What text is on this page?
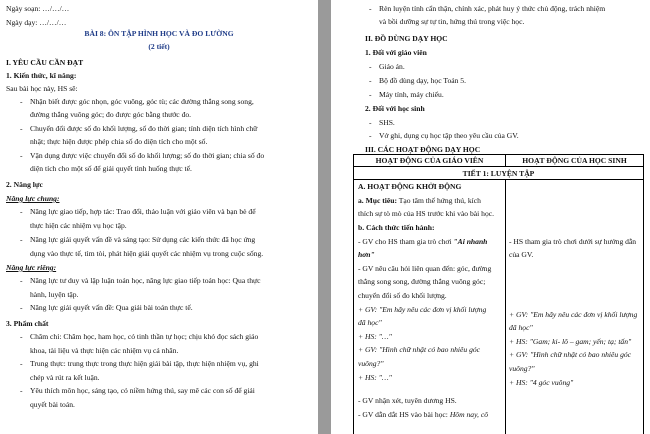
Ngày soạn: …/…/…
Ngày dạy: …/…/…
BÀI 8: ÔN TẬP HÌNH HỌC VÀ ĐO LƯỜNG
(2 tiết)
I. YÊU CẦU CẦN ĐẠT
1. Kiến thức, kĩ năng:
Sau bài học này, HS sẽ:
- Nhận biết được góc nhọn, góc vuông, góc tù; các đường thẳng song song,
đường thẳng vuông góc; đo được góc bằng thước đo.
- Chuyển đổi được số đo khối lượng, số đo thời gian; tính diện tích hình chữ
nhật; thực hiện được phép chia số đo diện tích cho một số.
- Vận dụng được việc chuyển đổi số đo khối lượng; số đo thời gian; chia số đo
diện tích cho một số để giải quyết tình huống thực tế.
2. Năng lực
Năng lực chung:
- Năng lực giao tiếp, hợp tác: Trao đổi, thảo luận với giáo viên và bạn bè để
thực hiện các nhiệm vụ học tập.
- Năng lực giải quyết vấn đề và sáng tạo: Sử dụng các kiến thức đã học ứng
dụng vào thực tế, tìm tòi, phát hiện giải quyết các nhiệm vụ trong cuộc sống.
Năng lực riêng:
- Năng lực tư duy và lập luận toán học, năng lực giao tiếp toán học: Qua thực
hành, luyện tập.
- Năng lực giải quyết vấn đề: Qua giải bài toán thực tế.
3. Phẩm chất
- Chăm chỉ: Chăm học, ham học, có tinh thần tự học; chịu khó đọc sách giáo
khoa, tài liệu và thực hiện các nhiệm vụ cá nhân.
- Trung thực: trung thực trong thực hiện giải bài tập, thực hiện nhiệm vụ, ghi
chép và rút ra kết luận.
- Yêu thích môn học, sáng tạo, có niềm hứng thú, say mê các con số để giải
quyết bài toán.
- Rèn luyện tính cẩn thận, chính xác, phát huy ý thức chủ động, trách nhiệm
và bồi dưỡng sự tự tin, hứng thú trong việc học.
II. ĐỒ DÙNG DẠY HỌC
1. Đối với giáo viên
- Giáo án.
- Bộ đồ dùng dạy, học Toán 5.
- Máy tính, máy chiếu.
2. Đối với học sinh
- SHS.
- Vở ghi, dụng cụ học tập theo yêu cầu của GV.
III. CÁC HOẠT ĐỘNG DẠY HỌC
HOẠT ĐỘNG CỦA GIÁO VIÊN	HOẠT ĐỘNG CỦA HỌC SINH
TIẾT 1: LUYỆN TẬP
A. HOẠT ĐỘNG KHỞI ĐỘNG
a. Mục tiêu: Tạo tâm thế hứng thú, kích
thích sự tò mò của HS trước khi vào bài học.
b. Cách thức tiến hành:
- GV cho HS tham gia trò chơi "Ai nhanh
hơn"
- GV nêu câu hỏi liên quan đến: góc, đường
thẳng song song, đường thẳng vuông góc;
chuyển đổi số đo khối lượng.
+ GV: "Em hãy nêu các đơn vị khối lượng
đã học"
+ HS: "…"
+ GV: "Hình chữ nhật có bao nhiêu góc
vuông?"
+ HS: "…"
- GV nhận xét, tuyên dương HS.
- GV dẫn dắt HS vào bài học: Hôm nay, cô
- HS tham gia trò chơi dưới sự hướng dẫn
của GV.
+ GV: "Em hãy nêu các đơn vị khối lượng
đã học"
+ HS: "Gam; ki- lô – gam; yến; tạ; tấn"
+ GV: "Hình chữ nhật có bao nhiêu góc
vuông?"
+ HS: "4 góc vuông"
